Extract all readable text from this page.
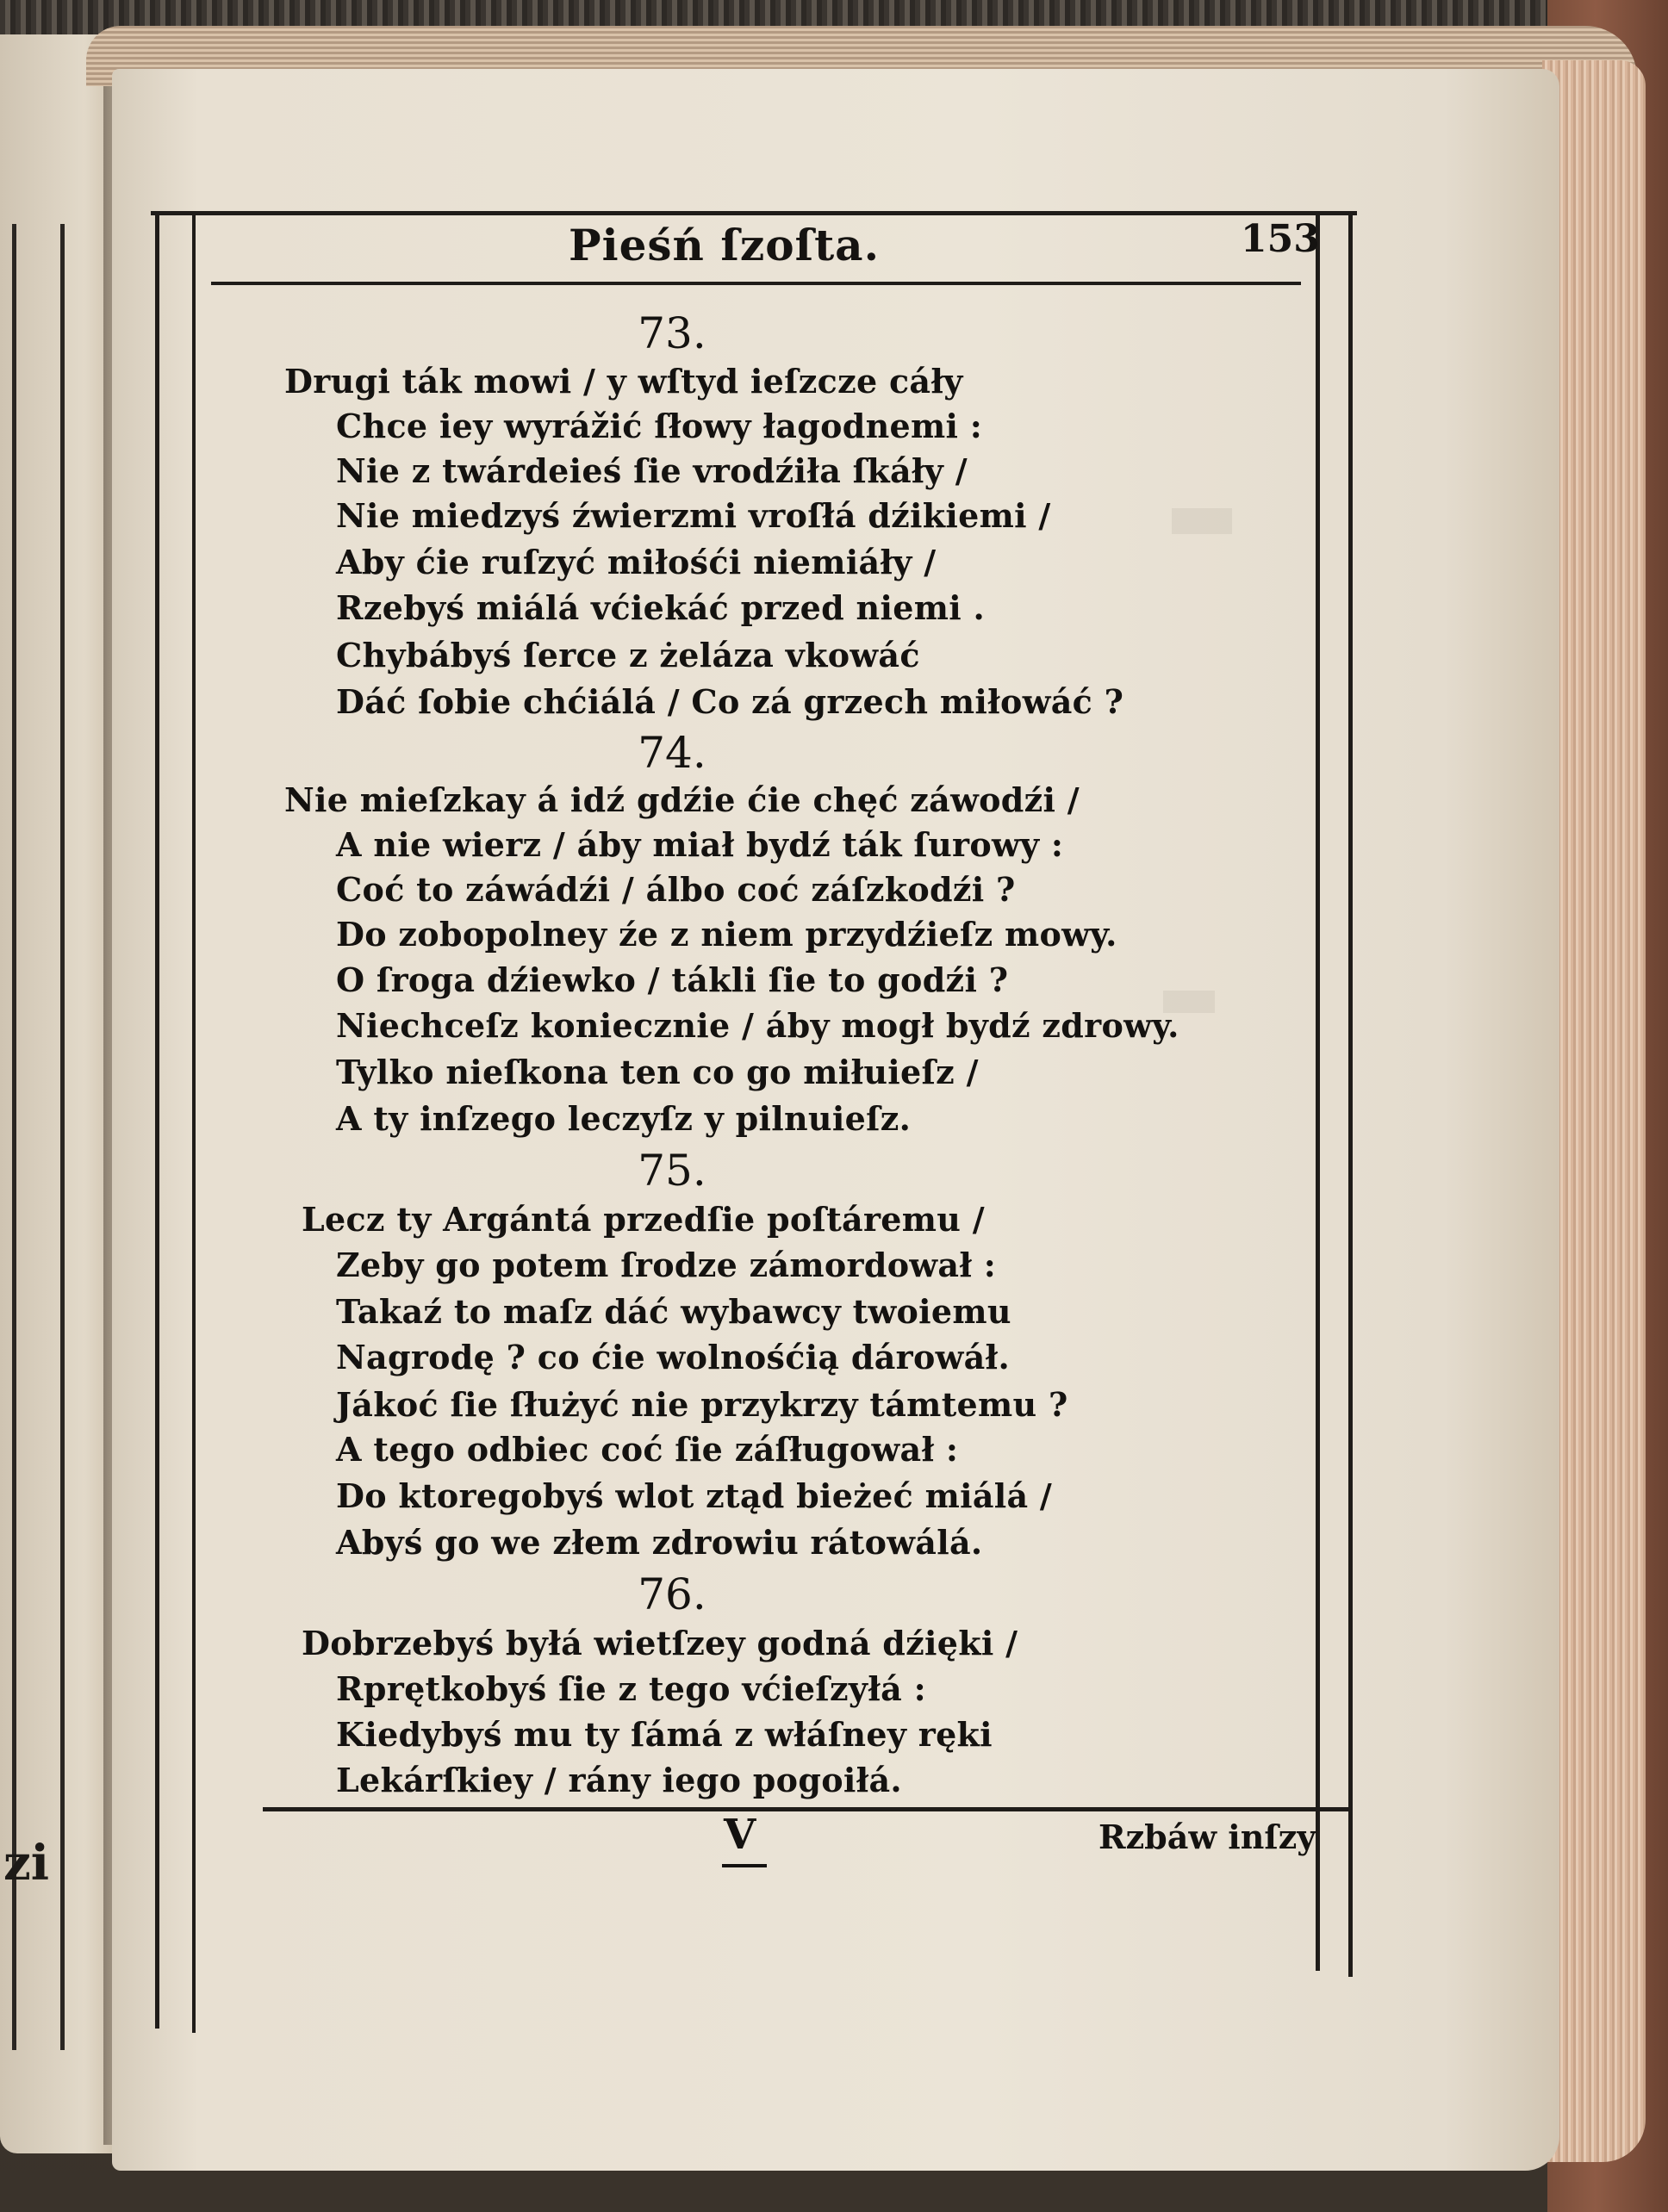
zi
Pieśń ſzoſta.	153
73.
Drugi ták mowi / y wſtyd ieſzcze cáły
Chce iey wyrážić ſłowy łagodnemi :
Nie z twárdeieś ſie vrodźiła ſkáły /
Nie miedzyś źwierzmi vroſłá dźikiemi /
Aby ćie ruſzyć miłośći niemiáły /
Rzebyś miálá vćiekáć przed niemi .
Chybábyś ſerce z żeláza vkowáć
Dáć ſobie chćiálá / Co zá grzech miłowáć ?
74.
Nie mieſzkay á idź gdźie ćie chęć záwodźi /
A nie wierz / áby miał bydź ták ſurowy :
Coć to záwádźi / álbo coć záſzkodźi ?
Do zobopolney źe z niem przydźieſz mowy.
O ſroga dźiewko / tákli ſie to godźi ?
Niechceſz koniecznie / áby mogł bydź zdrowy.
Tylko nieſkona ten co go miłuieſz /
A ty inſzego leczyſz y pilnuieſz.
75.
Lecz ty Argántá przedſie poſtáremu /
Zeby go potem ſrodze zámordował :
Takaź to maſz dáć wybawcy twoiemu
Nagrodę ? co ćie wolnośćią dárowáł.
Jákoć ſie ſłużyć nie przykrzy támtemu ?
A tego odbiec coć ſie záſługował :
Do ktoregobyś wlot ztąd bieżeć miálá /
Abyś go we złem zdrowiu rátowálá.
76.
Dobrzebyś byłá wietſzey godná dźięki /
Rprętkobyś ſie z tego vćieſzyłá :
Kiedybyś mu ty ſámá z włáſney ręki
Lekárſkiey / rány iego pogoiłá.
V	Rzbáw inſzy
